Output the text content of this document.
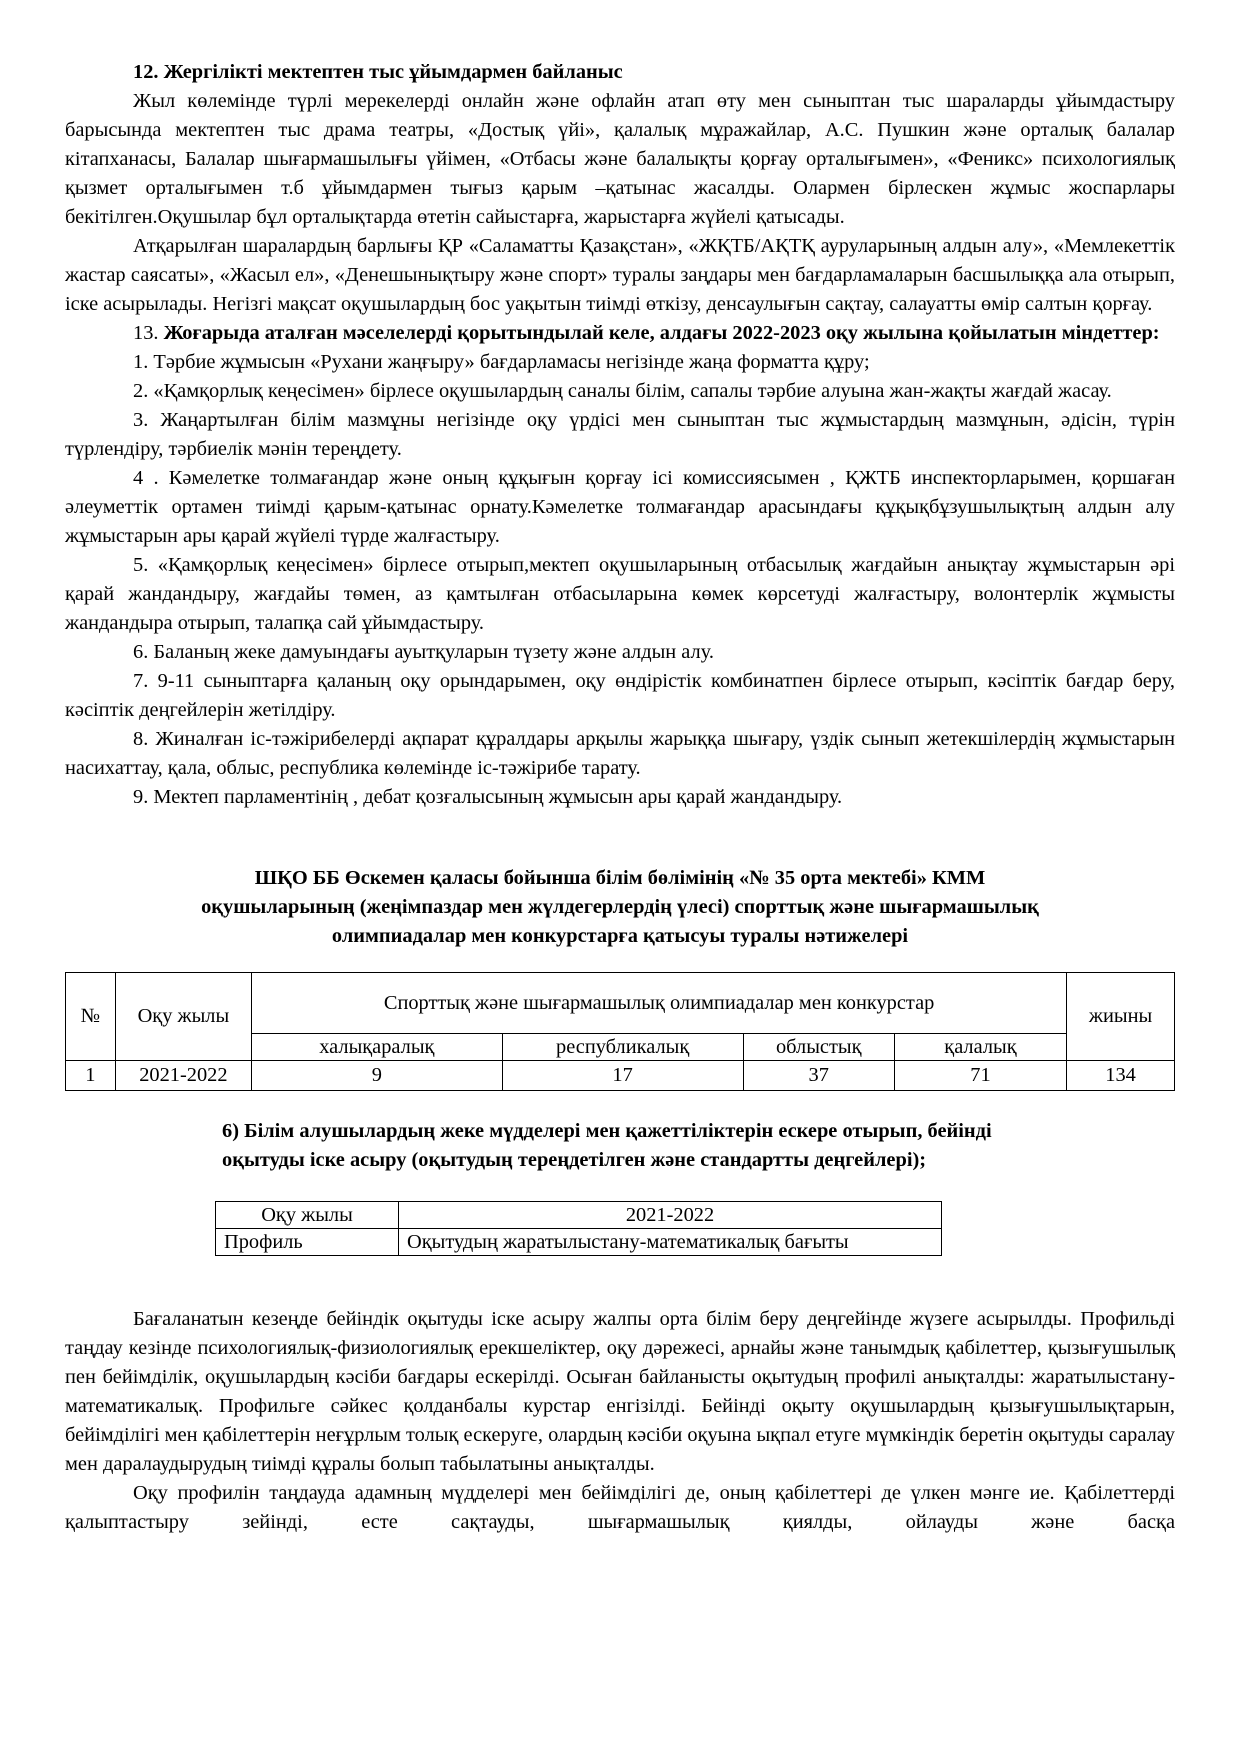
12. Жергілікті мектептен тыс ұйымдармен байланыс

Жыл көлемінде түрлі мерекелерді онлайн және офлайн атап өту мен сыныптан тыс шараларды ұйымдастыру барысында мектептен тыс драма театры, «Достық үйі», қалалық мұражайлар, А.С. Пушкин және орталық балалар кітапханасы, Балалар шығармашылығы үйімен, «Отбасы және балалықты қорғау орталығымен», «Феникс» психологиялық қызмет орталығымен т.б ұйымдармен тығыз қарым –қатынас жасалды. Олармен бірлескен жұмыс жоспарлары бекітілген.Оқушылар бұл орталықтарда өтетін сайыстарға, жарыстарға жүйелі қатысады.

Атқарылған шаралардың барлығы ҚР «Саламатты Қазақстан», «ЖҚТБ/АҚТҚ ауруларының алдын алу», «Мемлекеттік жастар саясаты», «Жасыл ел», «Денешынықтыру және спорт» туралы заңдары мен бағдарламаларын басшылыққа ала отырып, іске асырылады. Негізгі мақсат оқушылардың бос уақытын тиімді өткізу, денсаулығын сақтау, салауатты өмір салтын қорғау.

13. Жоғарыда аталған мәселелерді қорытындылай келе, алдағы 2022-2023 оқу жылына қойылатын міндеттер:

1. Тәрбие жұмысын «Рухани жаңғыру» бағдарламасы негізінде жаңа форматта құру;

2. «Қамқорлық кеңесімен» бірлесе оқушылардың саналы білім, сапалы тәрбие алуына жан-жақты жағдай жасау.

3. Жаңартылған білім мазмұны негізінде оқу үрдісі мен сыныптан тыс жұмыстардың мазмұнын, әдісін, түрін түрлендіру, тәрбиелік мәнін тереңдету.

4 . Кәмелетке толмағандар және оның құқығын қорғау ісі комиссиясымен , ҚЖТБ инспекторларымен, қоршаған әлеуметтік ортамен тиімді қарым-қатынас орнату.Кәмелетке толмағандар арасындағы құқықбұзушылықтың алдын алу жұмыстарын ары қарай жүйелі түрде жалғастыру.

5. «Қамқорлық кеңесімен» бірлесе отырып,мектеп оқушыларының отбасылық жағдайын анықтау жұмыстарын әрі қарай жандандыру, жағдайы төмен, аз қамтылған отбасыларына көмек көрсетуді жалғастыру, волонтерлік жұмысты жандандыра отырып, талапқа сай ұйымдастыру.

6. Баланың жеке дамуындағы ауытқуларын түзету және алдын алу.

7. 9-11 сыныптарға қаланың оқу орындарымен, оқу өндірістік комбинатпен бірлесе отырып, кәсіптік бағдар беру, кәсіптік деңгейлерін жетілдіру.

8. Жиналған іс-тәжірибелерді ақпарат құралдары арқылы жарыққа шығару, үздік сынып жетекшілердің жұмыстарын насихаттау, қала, облыс, республика көлемінде іс-тәжірибе тарату.

9. Мектеп парламентінің , дебат қозғалысының жұмысын ары қарай жандандыру.

ШҚО ББ Өскемен қаласы бойынша білім бөлімінің «№ 35 орта мектебі» КММ
оқушыларының (жеңімпаздар мен жүлдегерлердің үлесі) спорттық және шығармашылық
олимпиадалар мен конкурстарға қатысуы туралы нәтижелері
№	Оқу жылы	Спорттық және шығармашылық олимпиадалар мен конкурстар				жиыны
		халықаралық	республикалық	облыстық	қалалық	
1	2021-2022	9	17	37	71	134

6) Білім алушылардың жеке мүдделері мен қажеттіліктерін ескере отырып, бейінді

оқытуды іске асыру (оқытудың тереңдетілген және стандартты деңгейлері);

Оқу жылы	2021-2022
Профиль	Оқытудың жаратылыстану-математикалық бағыты

Бағаланатын кезеңде бейіндік оқытуды іске асыру жалпы орта білім беру деңгейінде жүзеге асырылды. Профильді таңдау кезінде психологиялық-физиологиялық ерекшеліктер, оқу дәрежесі, арнайы және танымдық қабілеттер, қызығушылық пен бейімділік, оқушылардың кәсіби бағдары ескерілді. Осыған байланысты оқытудың профилі анықталды: жаратылыстану-математикалық. Профильге сәйкес қолданбалы курстар енгізілді. Бейінді оқыту оқушылардың қызығушылықтарын, бейімділігі мен қабілеттерін неғұрлым толық ескеруге, олардың кәсіби оқуына ықпал етуге мүмкіндік беретін оқытуды саралау мен даралаудырудың тиімді құралы болып табылатыны анықталды.

Оқу профилін таңдауда адамның мүдделері мен бейімділігі де, оның қабілеттері де үлкен мәнге ие. Қабілеттерді қалыптастыру зейінді, есте сақтауды, шығармашылық қиялды, ойлауды және басқа
